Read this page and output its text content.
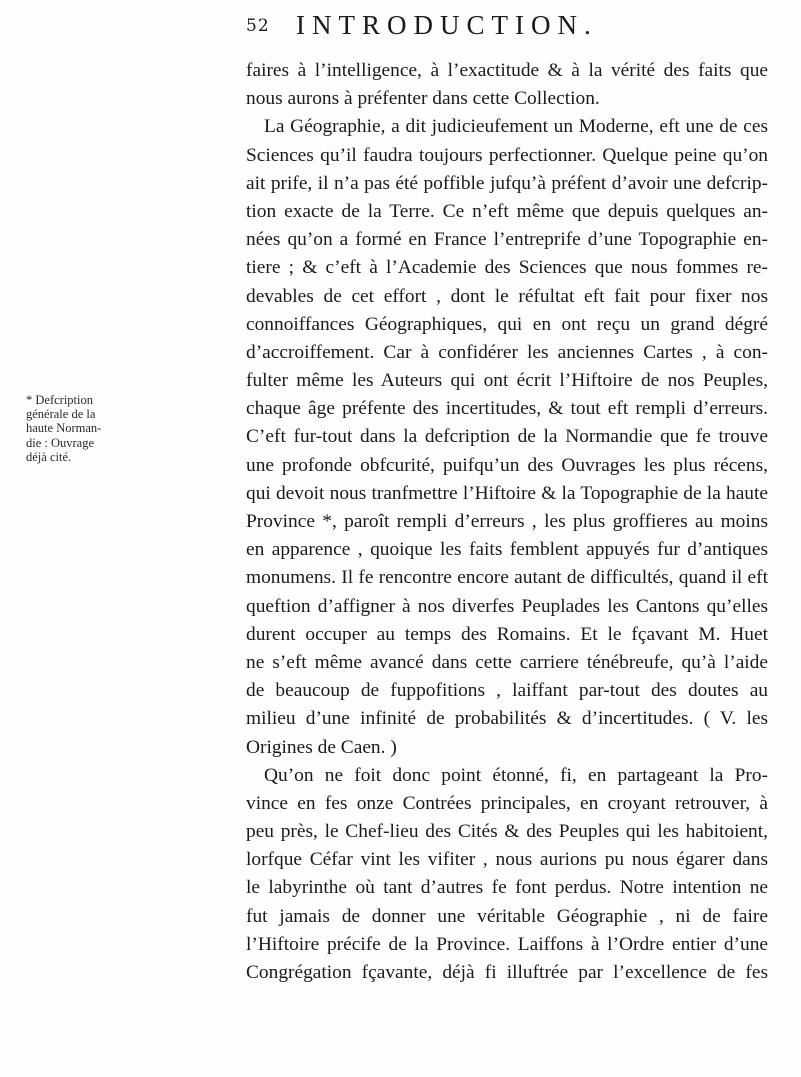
52 INTRODUCTION.
* Defcription
générale de la
haute Norman-
die : Ouvrage
déjà cité.
faires à l’intelligence, à l’exactitude & à la vérité des faits que
nous aurons à préfenter dans cette Collection.
La Géographie, a dit judicieufement un Moderne, eft une de ces
Sciences qu’il faudra toujours perfectionner. Quelque peine qu’on
ait prife, il n’a pas été poffible jufqu’à préfent d’avoir une defcrip-
tion exacte de la Terre. Ce n’eft même que depuis quelques an-
nées qu’on a formé en France l’entreprife d’une Topographie en-
tiere ; & c’eft à l’Academie des Sciences que nous fommes re-
devables de cet effort , dont le réfultat eft fait pour fixer nos
connoiffances Géographiques, qui en ont reçu un grand dégré
d’accroiffement. Car à confidérer les anciennes Cartes , à con-
fulter même les Auteurs qui ont écrit l’Hiftoire de nos Peuples,
chaque âge préfente des incertitudes, & tout eft rempli d’erreurs.
C’eft fur-tout dans la defcription de la Normandie que fe trouve
une profonde obfcurité, puifqu’un des Ouvrages les plus récens,
qui devoit nous tranfmettre l’Hiftoire & la Topographie de la haute
Province *, paroît rempli d’erreurs , les plus groffieres au moins
en apparence , quoique les faits femblent appuyés fur d’antiques
monumens. Il fe rencontre encore autant de difficultés, quand il eft
queftion d’affigner à nos diverfes Peuplades les Cantons qu’elles
durent occuper au temps des Romains. Et le fçavant M. Huet
ne s’eft même avancé dans cette carriere ténébreufe, qu’à l’aide
de beaucoup de fuppofitions , laiffant par-tout des doutes au
milieu d’une infinité de probabilités & d’incertitudes. ( V. les
Origines de Caen. )
Qu’on ne foit donc point étonné, fi, en partageant la Pro-
vince en fes onze Contrées principales, en croyant retrouver, à
peu près, le Chef-lieu des Cités & des Peuples qui les habitoient,
lorfque Céfar vint les vifiter , nous aurions pu nous égarer dans
le labyrinthe où tant d’autres fe font perdus. Notre intention ne
fut jamais de donner une véritable Géographie , ni de faire
l’Hiftoire précife de la Province. Laiffons à l’Ordre entier d’une
Congrégation fçavante, déjà fi illuftrée par l’excellence de fes
